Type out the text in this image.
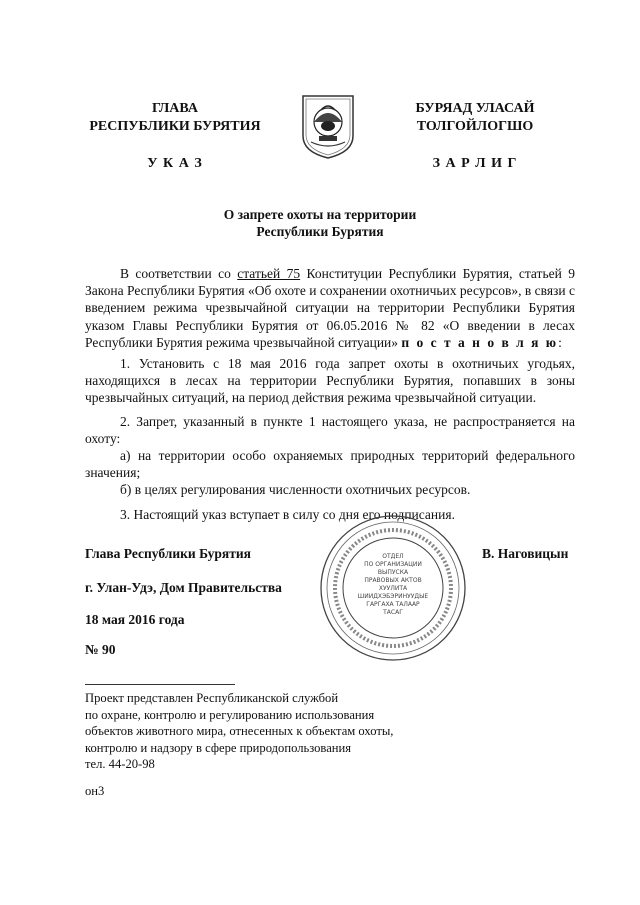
ГЛАВА
РЕСПУБЛИКИ БУРЯТИЯ
У К А З
БУРЯАД УЛАСАЙ
ТОЛГОЙЛОГШО
З А Р Л И Г
О запрете охоты на территории
Республики Бурятия
В соответствии со статьей 75 Конституции Республики Бурятия, статьей 9 Закона Республики Бурятия «Об охоте и сохранении охотничьих ресурсов», в связи с введением режима чрезвычайной ситуации на территории Республики Бурятия указом Главы Республики Бурятия от 06.05.2016 № 82 «О введении в лесах Республики Бурятия режима чрезвычайной ситуации» п о с т а н о в л я ю:
1. Установить с 18 мая 2016 года запрет охоты в охотничьих угодьях, находящихся в лесах на территории Республики Бурятия, попавших в зоны чрезвычайных ситуаций, на период действия режима чрезвычайной ситуации.
2. Запрет, указанный в пункте 1 настоящего указа, не распространяется на охоту:
а) на территории особо охраняемых природных территорий федерального значения;
б) в целях регулирования численности охотничьих ресурсов.
3. Настоящий указ вступает в силу со дня его подписания.
Глава Республики Бурятия	В. Наговицын
г. Улан-Удэ, Дом Правительства
18 мая 2016 года
№ 90
ОТДЕЛ
ПО ОРГАНИЗАЦИИ
ВЫПУСКА
ПРАВОВЫХ АКТОВ
ХУУЛИТА
ШИИДХЭБЭРИНУУДЫЕ
ГАРГАХА ТАЛААР
ТАСАГ
Проект представлен Республиканской службой
по охране, контролю и регулированию использования
объектов животного мира, отнесенных к объектам охоты,
контролю и надзору в сфере природопользования
тел. 44-20-98
он3
